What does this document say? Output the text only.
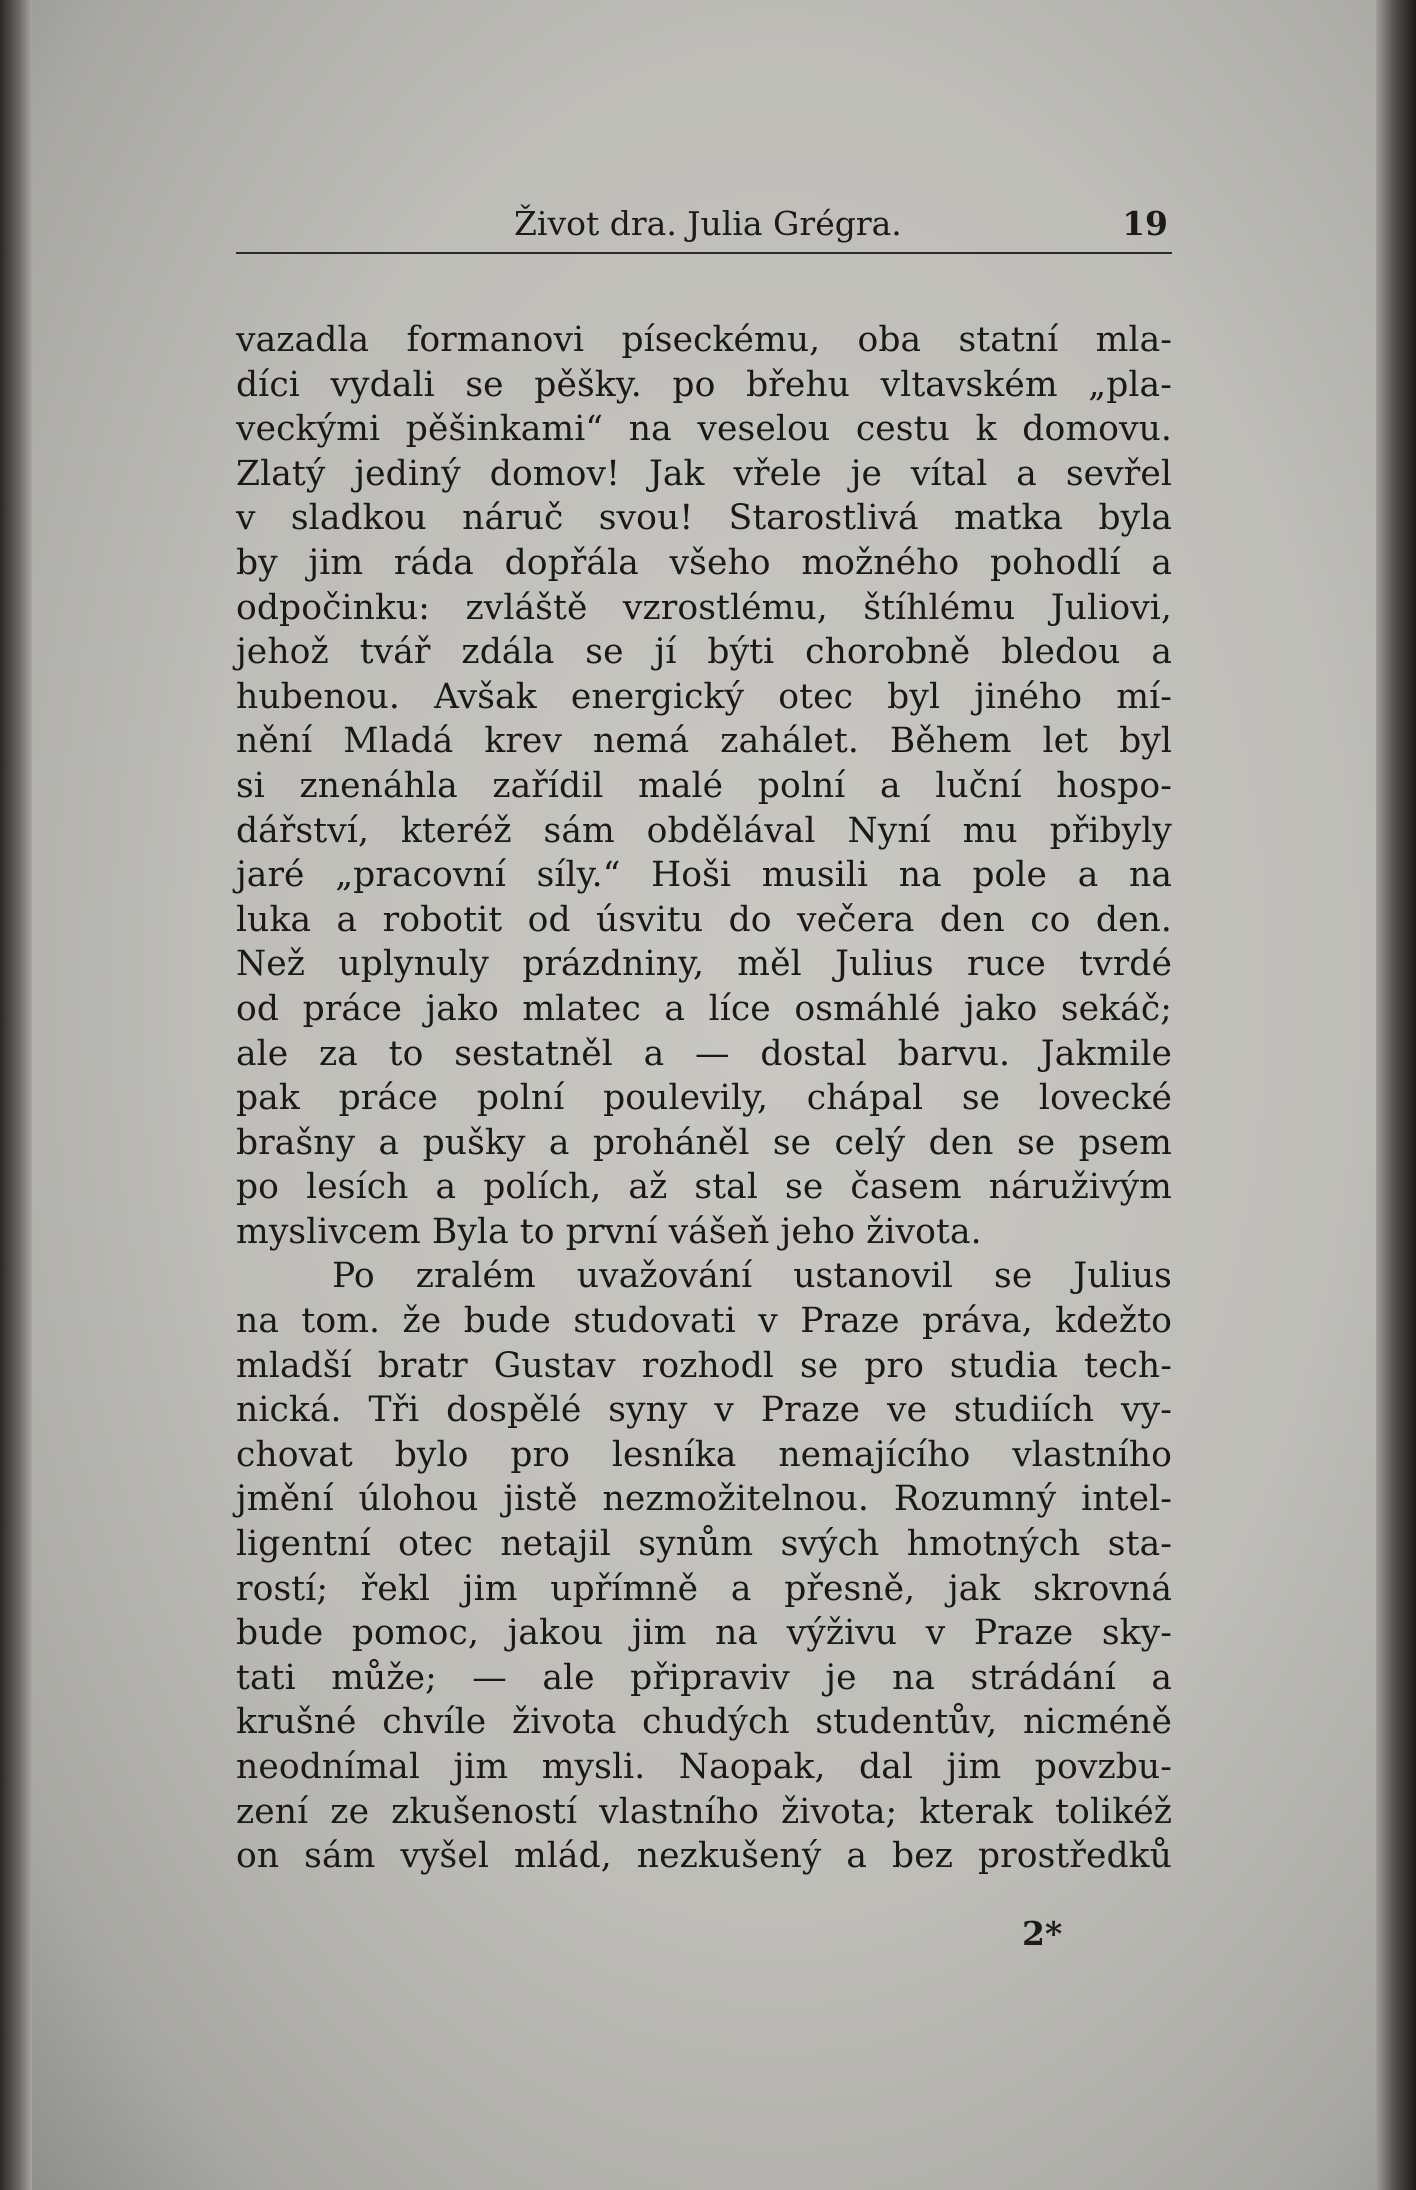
Život dra. Julia Grégra.	19
vazadla formanovi píseckému, oba statní mla-
díci vydali se pěšky. po břehu vltavském „pla-
veckými pěšinkami“ na veselou cestu k domovu.
Zlatý jediný domov! Jak vřele je vítal a sevřel
v sladkou náruč svou! Starostlivá matka byla
by jim ráda dopřála všeho možného pohodlí a
odpočinku: zvláště vzrostlému, štíhlému Juliovi,
jehož tvář zdála se jí býti chorobně bledou a
hubenou. Avšak energický otec byl jiného mí-
nění Mladá krev nemá zahálet. Během let byl
si znenáhla zařídil malé polní a luční hospo-
dářství, kteréž sám obdělával Nyní mu přibyly
jaré „pracovní síly.“ Hoši musili na pole a na
luka a robotit od úsvitu do večera den co den.
Než uplynuly prázdniny, měl Julius ruce tvrdé
od práce jako mlatec a líce osmáhlé jako sekáč;
ale za to sestatněl a — dostal barvu. Jakmile
pak práce polní poulevily, chápal se lovecké
brašny a pušky a proháněl se celý den se psem
po lesích a polích, až stal se časem náruživým
myslivcem Byla to první vášeň jeho života.
Po zralém uvažování ustanovil se Julius
na tom. že bude studovati v Praze práva, kdežto
mladší bratr Gustav rozhodl se pro studia tech-
nická. Tři dospělé syny v Praze ve studiích vy-
chovat bylo pro lesníka nemajícího vlastního
jmění úlohou jistě nezmožitelnou. Rozumný intel-
ligentní otec netajil synům svých hmotných sta-
rostí; řekl jim upřímně a přesně, jak skrovná
bude pomoc, jakou jim na výživu v Praze sky-
tati může; — ale připraviv je na strádání a
krušné chvíle života chudých studentův, nicméně
neodnímal jim mysli. Naopak, dal jim povzbu-
zení ze zkušeností vlastního života; kterak tolikéž
on sám vyšel mlád, nezkušený a bez prostředků
2*
